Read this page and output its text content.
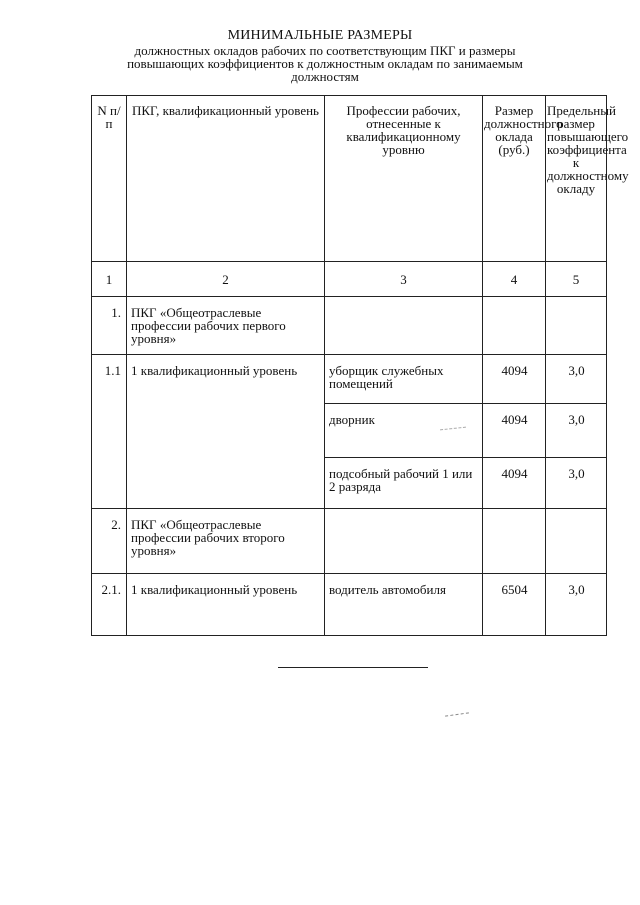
МИНИМАЛЬНЫЕ РАЗМЕРЫ
должностных окладов рабочих по соответствующим ПКГ и размеры повышающих коэффициентов к должностным окладам по занимаемым должностям
N п/п	ПКГ, квалификационный уровень	Профессии рабочих, отнесенные к квалификационному уровню	Размер должностного оклада (руб.)	Предельный размер повышающего коэффициента к должностному окладу

1	2	3	4	5

1.	ПКГ «Общеотраслевые профессии рабочих первого уровня»			

1.1	1 квалификационный уровень	уборщик служебных помещений	4094	3,0

		дворник	4094	3,0

		подсобный рабочий 1 или 2 разряда	4094	3,0

2.	ПКГ «Общеотраслевые профессии рабочих второго уровня»			

2.1.	1 квалификационный уровень	водитель автомобиля	6504	3,0
